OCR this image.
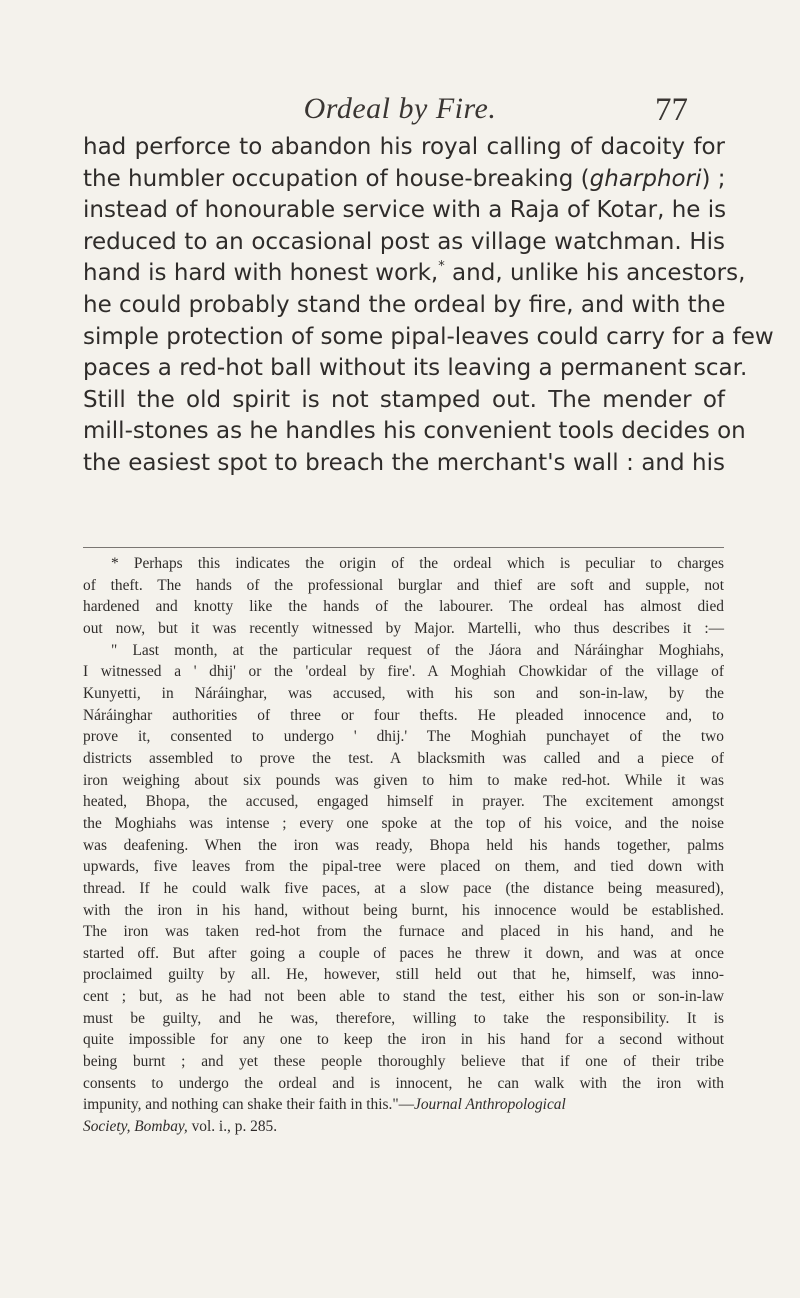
Ordeal by Fire.	77
had perforce to abandon his royal calling of dacoity for
the humbler occupation of house-breaking (gharphori) ;
instead of honourable service with a Raja of Kotar, he is
reduced to an occasional post as village watchman. His
hand is hard with honest work,* and, unlike his ancestors,
he could probably stand the ordeal by fire, and with the
simple protection of some pipal-leaves could carry for a few
paces a red-hot ball without its leaving a permanent scar.
Still the old spirit is not stamped out. The mender of
mill-stones as he handles his convenient tools decides on
the easiest spot to breach the merchant's wall : and his
* Perhaps this indicates the origin of the ordeal which is peculiar to charges
of theft. The hands of the professional burglar and thief are soft and supple, not
hardened and knotty like the hands of the labourer. The ordeal has almost died
out now, but it was recently witnessed by Major. Martelli, who thus describes it :—
" Last month, at the particular request of the Jáora and Náráinghar Moghiahs,
I witnessed a ' dhij' or the 'ordeal by fire'. A Moghiah Chowkidar of the village of
Kunyetti, in Náráinghar, was accused, with his son and son-in-law, by the
Náráinghar authorities of three or four thefts. He pleaded innocence and, to
prove it, consented to undergo ' dhij.' The Moghiah punchayet of the two
districts assembled to prove the test. A blacksmith was called and a piece of
iron weighing about six pounds was given to him to make red-hot. While it was
heated, Bhopa, the accused, engaged himself in prayer. The excitement amongst
the Moghiahs was intense ; every one spoke at the top of his voice, and the noise
was deafening. When the iron was ready, Bhopa held his hands together, palms
upwards, five leaves from the pipal-tree were placed on them, and tied down with
thread. If he could walk five paces, at a slow pace (the distance being measured),
with the iron in his hand, without being burnt, his innocence would be established.
The iron was taken red-hot from the furnace and placed in his hand, and he
started off. But after going a couple of paces he threw it down, and was at once
proclaimed guilty by all. He, however, still held out that he, himself, was inno-
cent ; but, as he had not been able to stand the test, either his son or son-in-law
must be guilty, and he was, therefore, willing to take the responsibility. It is
quite impossible for any one to keep the iron in his hand for a second without
being burnt ; and yet these people thoroughly believe that if one of their tribe
consents to undergo the ordeal and is innocent, he can walk with the iron with
impunity, and nothing can shake their faith in this."—Journal Anthropological
Society, Bombay, vol. i., p. 285.
